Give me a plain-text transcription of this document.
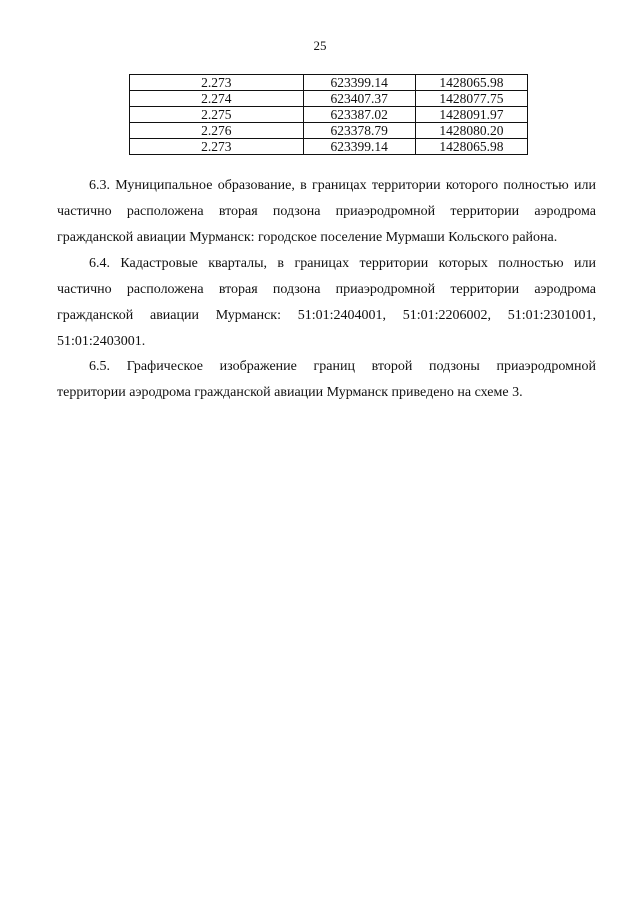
25
2.273	623399.14	1428065.98
2.274	623407.37	1428077.75
2.275	623387.02	1428091.97
2.276	623378.79	1428080.20
2.273	623399.14	1428065.98

6.3. Муниципальное образование, в границах территории которого полностью или

частично расположена вторая подзона приаэродромной территории аэродрома

гражданской авиации Мурманск: городское поселение Мурмаши Кольского района.

6.4. Кадастровые кварталы, в границах территории которых полностью или

частично расположена вторая подзона приаэродромной территории аэродрома

гражданской авиации Мурманск: 51:01:2404001, 51:01:2206002, 51:01:2301001,

51:01:2403001.

6.5. Графическое изображение границ второй подзоны приаэродромной

территории аэродрома гражданской авиации Мурманск приведено на схеме 3.
